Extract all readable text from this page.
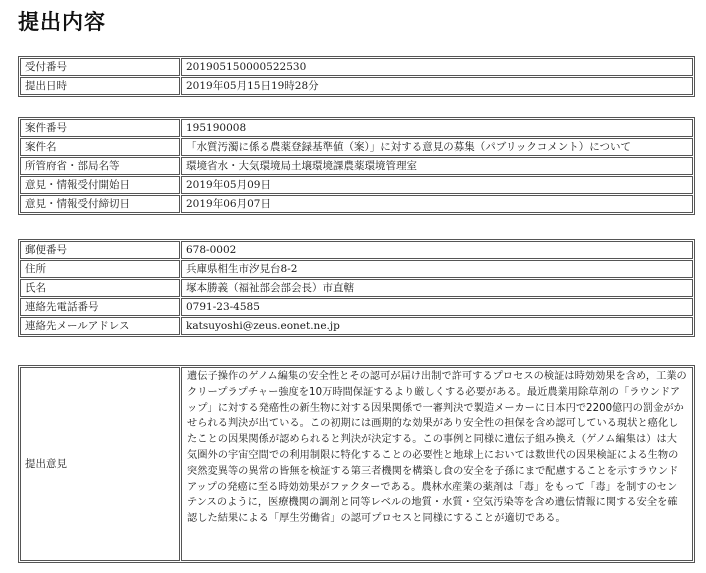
提出内容
受付番号	201905150000522530
提出日時	2019年05月15日19時28分
案件番号	195190008
案件名	「水質汚濁に係る農薬登録基準値（案）」に対する意見の募集（パブリックコメント）について
所管府省・部局名等	環境省水・大気環境局土壌環境課農薬環境管理室
意見・情報受付開始日	2019年05月09日
意見・情報受付締切日	2019年06月07日
郵便番号	678-0002
住所	兵庫県相生市汐見台8-2
氏名	塚本勝義（福祉部会部会長）市直轄
連絡先電話番号	0791-23-4585
連絡先メールアドレス	katsuyoshi@zeus.eonet.ne.jp
提出意見	遺伝子操作のゲノム編集の安全性とその認可が届け出制で許可するプロセスの検証は時効効果を含め，工業のクリープラプチャー強度を10万時間保証するより厳しくする必要がある。最近農業用除草剤の「ラウンドアップ」に対する発癌性の新生物に対する因果関係で一審判決で製造メーカーに日本円で2200億円の罰金がかせられる判決が出ている。この初期には画期的な効果があり安全性の担保を含め認可している現状と癌化したことの因果関係が認められると判決が決定する。この事例と同様に遺伝子組み換え（ゲノム編集は）は大気圏外の宇宙空間での利用制限に特化することの必要性と地球上においては数世代の因果検証による生物の突然変異等の異常の皆無を検証する第三者機関を構築し食の安全を子孫にまで配慮することを示すラウンドアップの発癌に至る時効効果がファクターである。農林水産業の薬剤は「毒」をもって「毒」を制すのセンテンスのように，医療機関の調剤と同等レベルの地質・水質・空気汚染等を含め遺伝情報に関する安全を確認した結果による「厚生労働省」の認可プロセスと同様にすることが適切である。
